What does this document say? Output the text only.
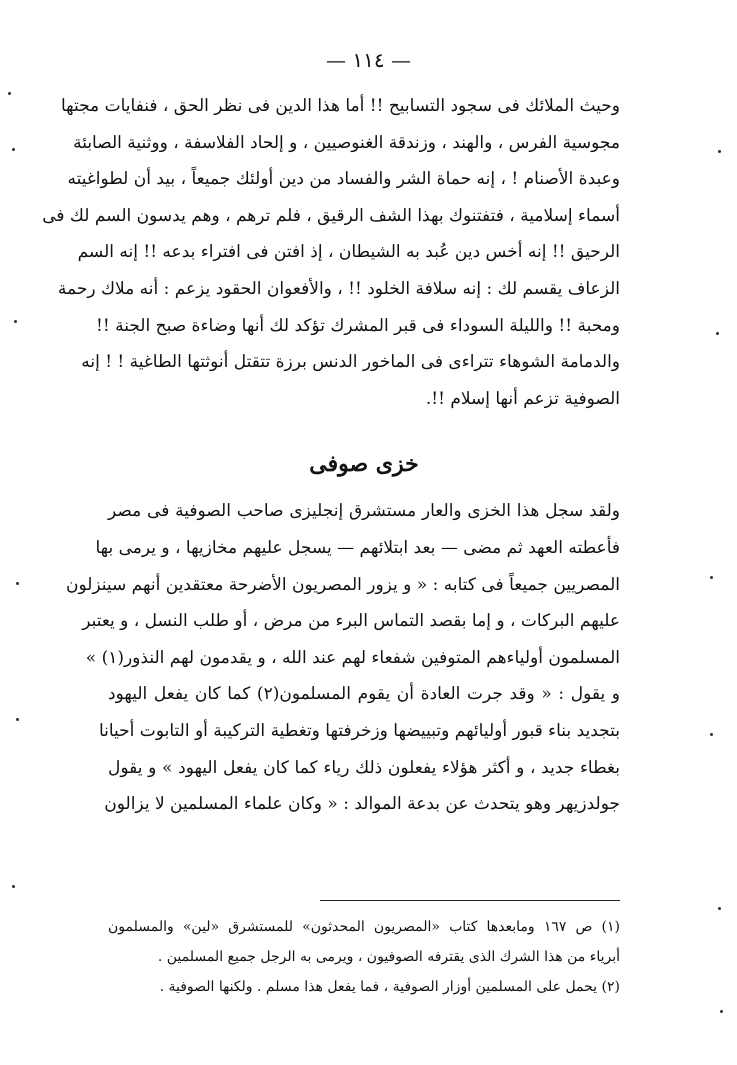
— ١١٤ —
وحيث الملائك فى سجود التسابيح !! أما هذا الدين فى نظر الحق ، فنفايات مجتها
مجوسية الفرس ، والهند ، وزندقة الغنوصيين ، و إلحاد الفلاسفة ، ووثنية الصابئة
وعبدة الأصنام ! ، إنه حماة الشر والفساد من دين أولئك جميعاً ، بيد أن لطواغيته
أسماء إسلامية ، فتفتنوك بهذا الشف الرقيق ، فلم ترهم ، وهم يدسون السم لك فى
الرحيق !! إنه أخس دين عُبد به الشيطان ، إذ افتن فى افتراء بدعه !! إنه السم
الزعاف يقسم لك : إنه سلافة الخلود !! ، والأفعوان الحقود يزعم : أنه ملاك رحمة
ومحبة !! والليلة السوداء فى قبر المشرك تؤكد لك أنها وضاءة صبح الجنة !!
والدمامة الشوهاء تتراءى فى الماخور الدنس برزة تتقتل أنوثتها الطاغية ! ! إنه
الصوفية تزعم أنها إسلام !!.
خزى صوفى
ولقد سجل هذا الخزى والعار مستشرق إنجليزى صاحب الصوفية فى مصر
فأعطته العهد ثم مضى — بعد ابتلائهم — يسجل عليهم مخازيها ، و يرمى بها
المصريين جميعاً فى كتابه : « و يزور المصريون الأضرحة معتقدين أنهم سينزلون
عليهم البركات ، و إما بقصد التماس البرء من مرض ، أو طلب النسل ، و يعتبر
المسلمون أولياءهم المتوفين شفعاء لهم عند الله ، و يقدمون لهم النذور(١) »
و يقول : « وقد جرت العادة أن يقوم المسلمون(٢) كما كان يفعل اليهود
بتجديد بناء قبور أوليائهم وتبييضها وزخرفتها وتغطية التركيبة أو التابوت أحيانا
بغطاء جديد ، و أكثر هؤلاء يفعلون ذلك رياء كما كان يفعل اليهود » و يقول
جولدزيهر وهو يتحدث عن بدعة الموالد : « وكان علماء المسلمين لا يزالون
(١) ص ١٦٧ ومابعدها كتاب «المصريون المحدثون» للمستشرق «لين» والمسلمون
أبرياء من هذا الشرك الذى يقترفه الصوفيون ، ويرمى به الرجل جميع المسلمين .
(٢) يحمل على المسلمين أوزار الصوفية ، فما يفعل هذا مسلم . ولكنها الصوفية .
